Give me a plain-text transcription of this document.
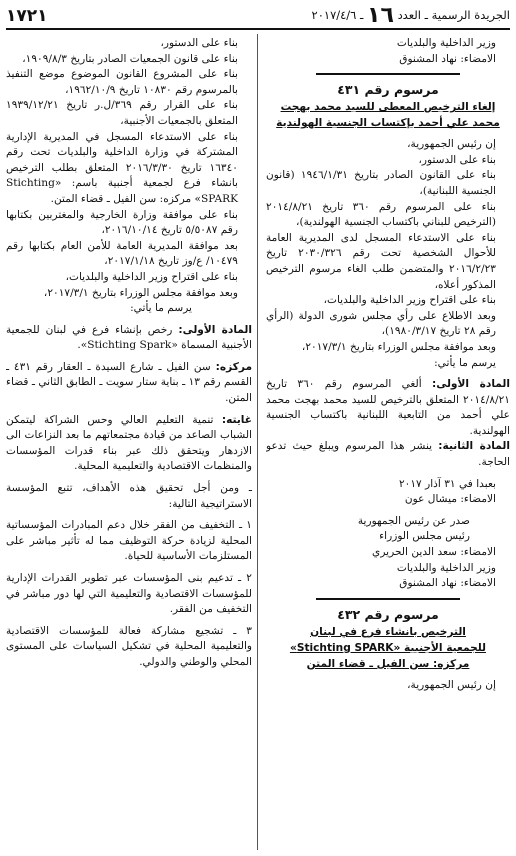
الجريدة الرسمية ـ العدد ١٦ ـ ٢٠١٧/٤/٦
١٧٢١
وزير الداخلية والبلديات
الامضاء: نهاد المشنوق
مرسوم رقم ٤٣١
إلغاء الترخيص المعطى للسيد محمد بهجت
محمد علي أحمد بإكتساب الجنسية الهولندية
إن رئيس الجمهورية،
بناء على الدستور،
بناء على القانون الصادر بتاريخ ١٩٤٦/١/٣١ (قانون الجنسية اللبنانية)،
بناء على المرسوم رقم ٣٦٠ تاريخ ٢٠١٤/٨/٢١ (الترخيص للبناني باكتساب الجنسية الهولندية)،
بناء على الاستدعاء المسجل لدى المديرية العامة للأحوال الشخصية تحت رقم ٢٠٣٠/٣٢٦ تاريخ ٢٠١٦/٢/٢٣ والمتضمن طلب الغاء مرسوم الترخيص المذكور أعلاه،
بناء على اقتراح وزير الداخلية والبلديات،
وبعد الاطلاع على رأي مجلس شورى الدولة (الرأي رقم ٢٨ تاريخ ١٩٨٠/٣/١٧)،
وبعد موافقة مجلس الوزراء بتاريخ ٢٠١٧/٣/١،
يرسم ما يأتي:
المادة الأولى: ألغي المرسوم رقم ٣٦٠ تاريخ ٢٠١٤/٨/٢١ المتعلق بالترخيص للسيد محمد بهجت محمد علي أحمد من التابعية اللبنانية باكتساب الجنسية الهولندية.
المادة الثانية: ينشر هذا المرسوم ويبلغ حيث تدعو الحاجة.
بعبدا في ٣١ آذار ٢٠١٧
الامضاء: ميشال عون
صدر عن رئيس الجمهورية
رئيس مجلس الوزراء
الامضاء: سعد الدين الحريري
وزير الداخلية والبلديات
الامضاء: نهاد المشنوق
مرسوم رقم ٤٣٢
الترخيص بانشاء فرع في لبنان
للجمعية الأجنبية «Stichting SPARK»
مركزه: سن الفيل ـ قضاء المتن
إن رئيس الجمهورية،
بناء على الدستور،
بناء على قانون الجمعيات الصادر بتاريخ ١٩٠٩/٨/٣،
بناء على المشروع القانون الموضوع موضع التنفيذ بالمرسوم رقم ١٠٨٣٠ تاريخ ١٩٦٢/١٠/٩،
بناء على القرار رقم ٣٦٩/ل.ر تاريخ ١٩٣٩/١٢/٢١ المتعلق بالجمعيات الأجنبية،
بناء على الاستدعاء المسجل في المديرية الإدارية المشتركة في وزارة الداخلية والبلديات تحت رقم ١٦٣٤٠ تاريخ ٢٠١٦/٣/٣٠ المتعلق بطلب الترخيص بانشاء فرع لجمعية أجنبية باسم: «Stichting SPARK» مركزه: سن الفيل ـ قضاء المتن.
بناء على موافقة وزارة الخارجية والمغتربين بكتابها رقم ٥/٥٠٨٧ تاريخ ٢٠١٦/١٠/١٤،
بعد موافقة المديرية العامة للأمن العام بكتابها رقم ١٠٤٧٩/ ع/وز تاريخ ٢٠١٧/١/١٨،
بناء على اقتراح وزير الداخلية والبلديات،
وبعد موافقة مجلس الوزراء بتاريخ ٢٠١٧/٣/١،
يرسم ما يأتي:
المادة الأولى: رخص بإنشاء فرع في لبنان للجمعية الأجنبية المسماة «Stichting Spark».
مركزه: سن الفيل ـ شارع السيدة ـ العقار رقم ٤٣١ ـ القسم رقم ١٣ ـ بناية ستار سويت ـ الطابق الثاني ـ قضاء المتن.
غايته: تنمية التعليم العالي وحس الشراكة ليتمكن الشباب الصاعد من قيادة مجتمعاتهم ما بعد النزاعات الى الازدهار ويتحقق ذلك عبر بناء قدرات المؤسسات والمنظمات الاقتصادية والتعليمية المحلية.
ـ ومن أجل تحقيق هذه الأهداف، تتبع المؤسسة الاستراتيجية التالية:
١ ـ التخفيف من الفقر خلال دعم المبادرات المؤسساتية المحلية لزيادة حركة التوظيف مما له تأثير مباشر على المستلزمات الأساسية للحياة.
٢ ـ تدعيم بنى المؤسسات عبر تطوير القدرات الإدارية للمؤسسات الاقتصادية والتعليمية التي لها دور مباشر في التخفيف من الفقر.
٣ ـ تشجيع مشاركة فعالة للمؤسسات الاقتصادية والتعليمية المحلية في تشكيل السياسات على المستوى المحلي والوطني والدولي.
